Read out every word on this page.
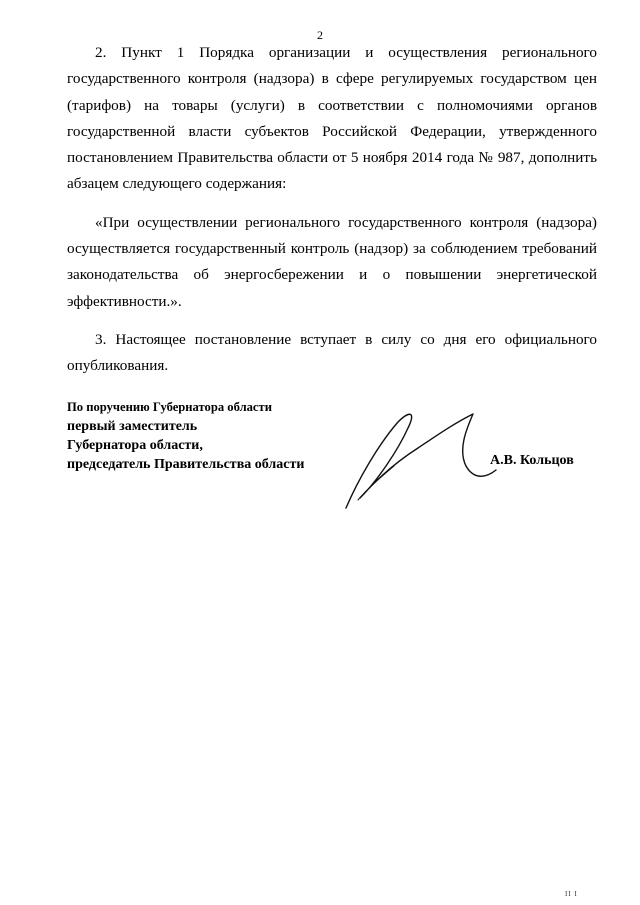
2

2. Пункт 1 Порядка организации и осуществления регионального государственного контроля (надзора) в сфере регулируемых государством цен (тарифов) на товары (услуги) в соответствии с полномочиями органов государственной власти субъектов Российской Федерации, утвержденного постановлением Правительства области от 5 ноября 2014 года № 987, дополнить абзацем следующего содержания:

«При осуществлении регионального государственного контроля (надзора) осуществляется государственный контроль (надзор) за соблюдением требований законодательства об энергосбережении и о повышении энергетической эффективности.».

3. Настоящее постановление вступает в силу со дня его официального опубликования.

По поручению Губернатора области
первый заместитель
Губернатора области,
председатель Правительства области	А.В. Кольцов
II I
